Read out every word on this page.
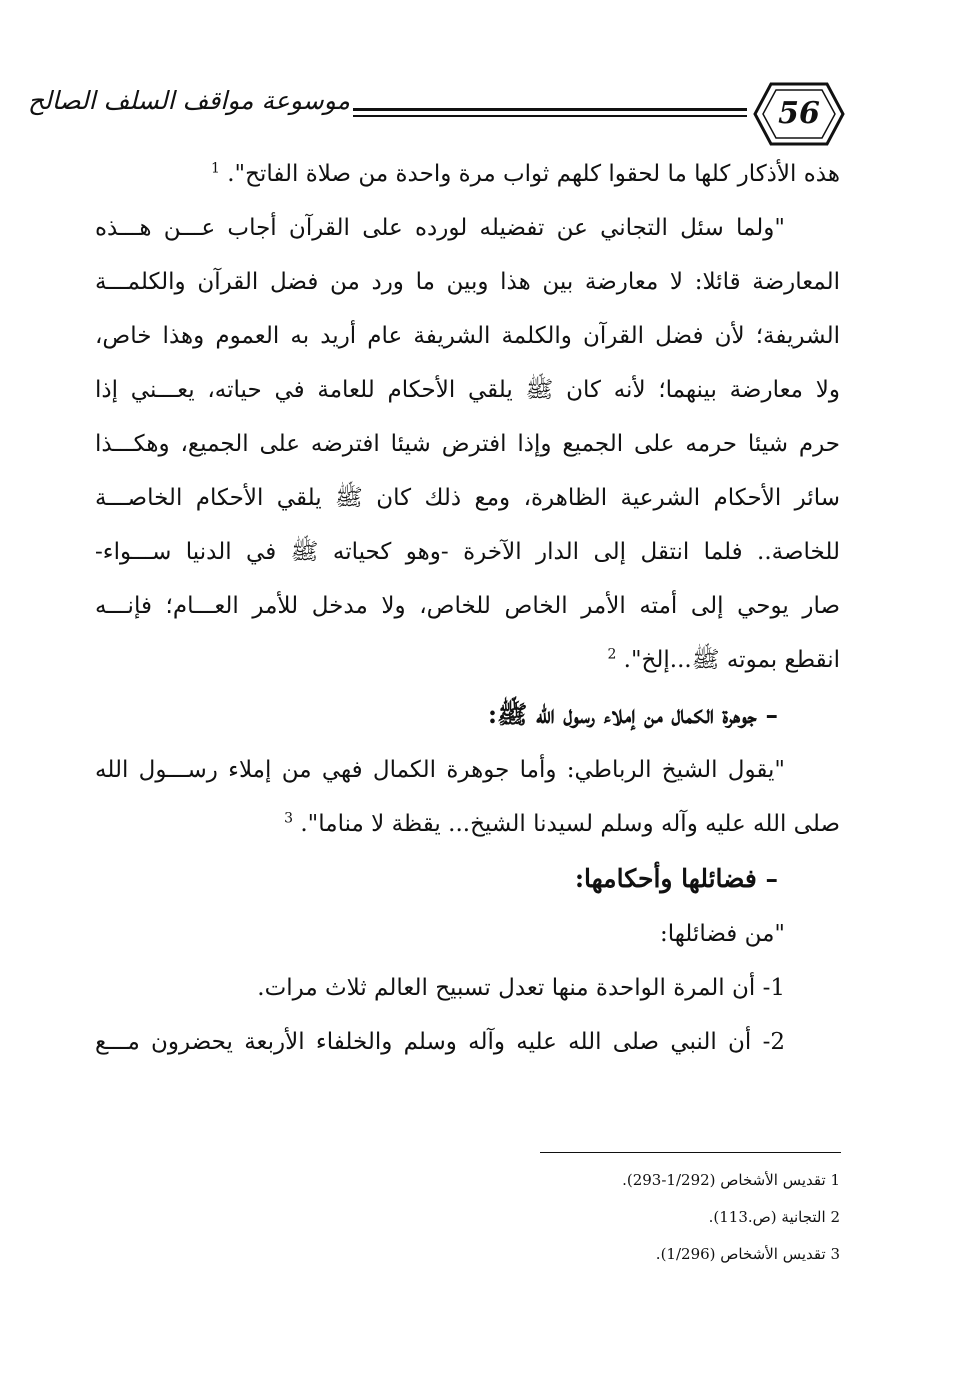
موسوعة مواقف السلف الصالح	56
هذه الأذكار كلها ما لحقوا كلهم ثواب مرة واحدة من صلاة الفاتح". $^1$
"ولما سئل التجاني عن تفضيله لورده على القرآن أجاب عـــن هـــذه
المعارضة قائلا: لا معارضة بين هذا وبين ما ورد من فضل القرآن والكلمـــة
الشريفة؛ لأن فضل القرآن والكلمة الشريفة عام أريد به العموم وهذا خاص،
ولا معارضة بينهما؛ لأنه كان ﷺ يلقي الأحكام للعامة في حياته، يعـــني إذا
حرم شيئا حرمه على الجميع وإذا افترض شيئا افترضه على الجميع، وهكـــذا
سائر الأحكام الشرعية الظاهرة، ومع ذلك كان ﷺ يلقي الأحكام الخاصـــة
للخاصة.. فلما انتقل إلى الدار الآخرة -وهو كحياته ﷺ في الدنيا ســـواء-
صار يوحي إلى أمته الأمر الخاص للخاص، ولا مدخل للأمر العـــام؛ فإنـــه
انقطع بموته ﷺ...إلخ". $^2$
– جوهرة الكمال من إملاء رسول الله ﷺ:
"يقول الشيخ الرباطي: وأما جوهرة الكمال فهي من إملاء رســـول الله
صلى الله عليه وآله وسلم لسيدنا الشيخ... يقظة لا مناما". $^3$
– فضائلها وأحكامها:
"من فضائلها:
1- أن المرة الواحدة منها تعدل تسبيح العالم ثلاث مرات.
2- أن النبي صلى الله عليه وآله وسلم والخلفاء الأربعة يحضرون مـــع
1 تقديس الأشخاص (1/292-293).
2 التجانية (ص.113).
3 تقديس الأشخاص (1/296).
